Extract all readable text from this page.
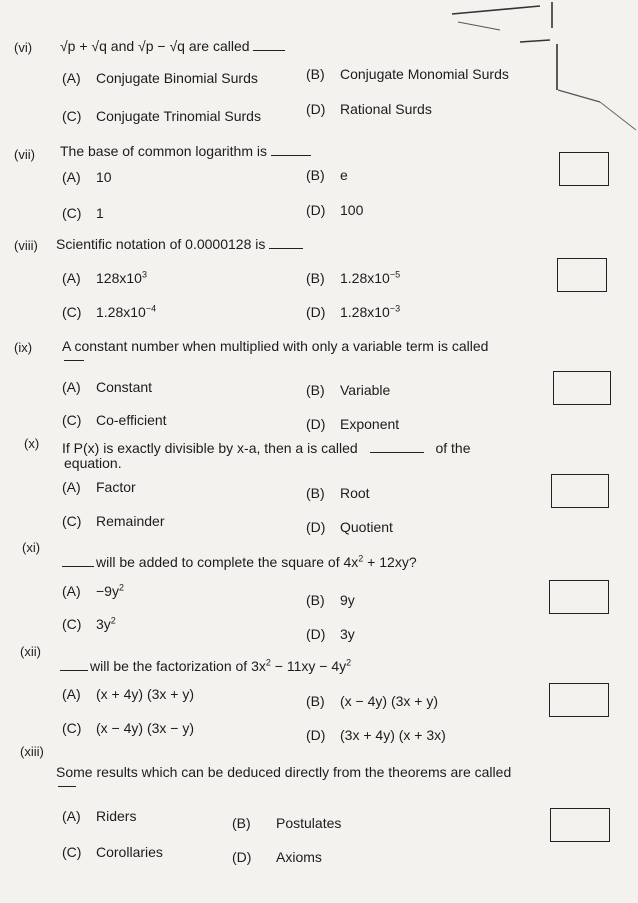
(vi) √p + √q and √p − √q are called
(A) Conjugate Binomial Surds	(B) Conjugate Monomial Surds
(C) Conjugate Trinomial Surds	(D) Rational Surds
(vii) The base of common logarithm is
(A) 10	(B) e
(C) 1	(D) 100
(viii) Scientific notation of 0.0000128 is
(A) $128x10^3$	(B) $1.28x10^{-5}$
(C) $1.28x10^{-4}$	(D) $1.28x10^{-3}$
(ix) A constant number when multiplied with only a variable term is called
(A) Constant	(B) Variable
(C) Co-efficient	(D) Exponent
(x) If P(x) is exactly divisible by x-a, then a is called	of the
equation.
(A) Factor	(B) Root
(C) Remainder	(D) Quotient
(xi)
will be added to complete the square of $4x^2 + 12xy$?
$(A) -9y^2$
(B) 9y
(C) $3y^2$
(D) 3y
(xii)
will be the factorization of $3x^2 - 11xy - 4y^2$
(A) (x + 4y) (3x + y)	(B) (x − 4y) (3x + y)
(C) (x − 4y) (3x − y)	(D) (3x + 4y) (x + 3x)
(xiii)
Some results which can be deduced directly from the theorems are called
(A) Riders	(B) Postulates
(C) Corollaries	(D) Axioms
